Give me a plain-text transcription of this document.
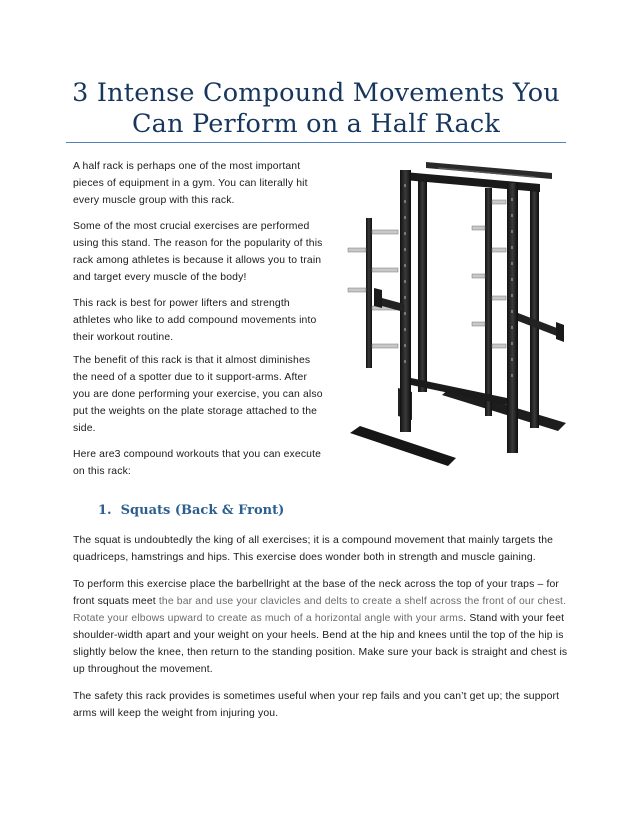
3 Intense Compound Movements You Can Perform on a Half Rack

A half rack is perhaps one of the most important pieces of equipment in a gym. You can literally hit every muscle group with this rack.

Some of the most crucial exercises are performed using this stand. The reason for the popularity of this rack among athletes is because it allows you to train and target every muscle of the body!

This rack is best for power lifters and strength athletes who like to add compound movements into their workout routine.

The benefit of this rack is that it almost diminishes the need of a spotter due to it support-arms. After you are done performing your exercise, you can also put the weights on the plate storage attached to the side.

Here are3 compound workouts that you can execute on this rack:

1. Squats (Back & Front)

The squat is undoubtedly the king of all exercises; it is a compound movement that mainly targets the quadriceps, hamstrings and hips. This exercise does wonder both in strength and muscle gaining.

To perform this exercise place the barbellright at the base of the neck across the top of your traps – for front squats meet the bar and use your clavicles and delts to create a shelf across the front of our chest. Rotate your elbows upward to create as much of a horizontal angle with your arms. Stand with your feet shoulder-width apart and your weight on your heels. Bend at the hip and knees until the top of the hip is slightly below the knee, then return to the standing position. Make sure your back is straight and chest is up throughout the movement.

The safety this rack provides is sometimes useful when your rep fails and you can’t get up; the support arms will keep the weight from injuring you.
